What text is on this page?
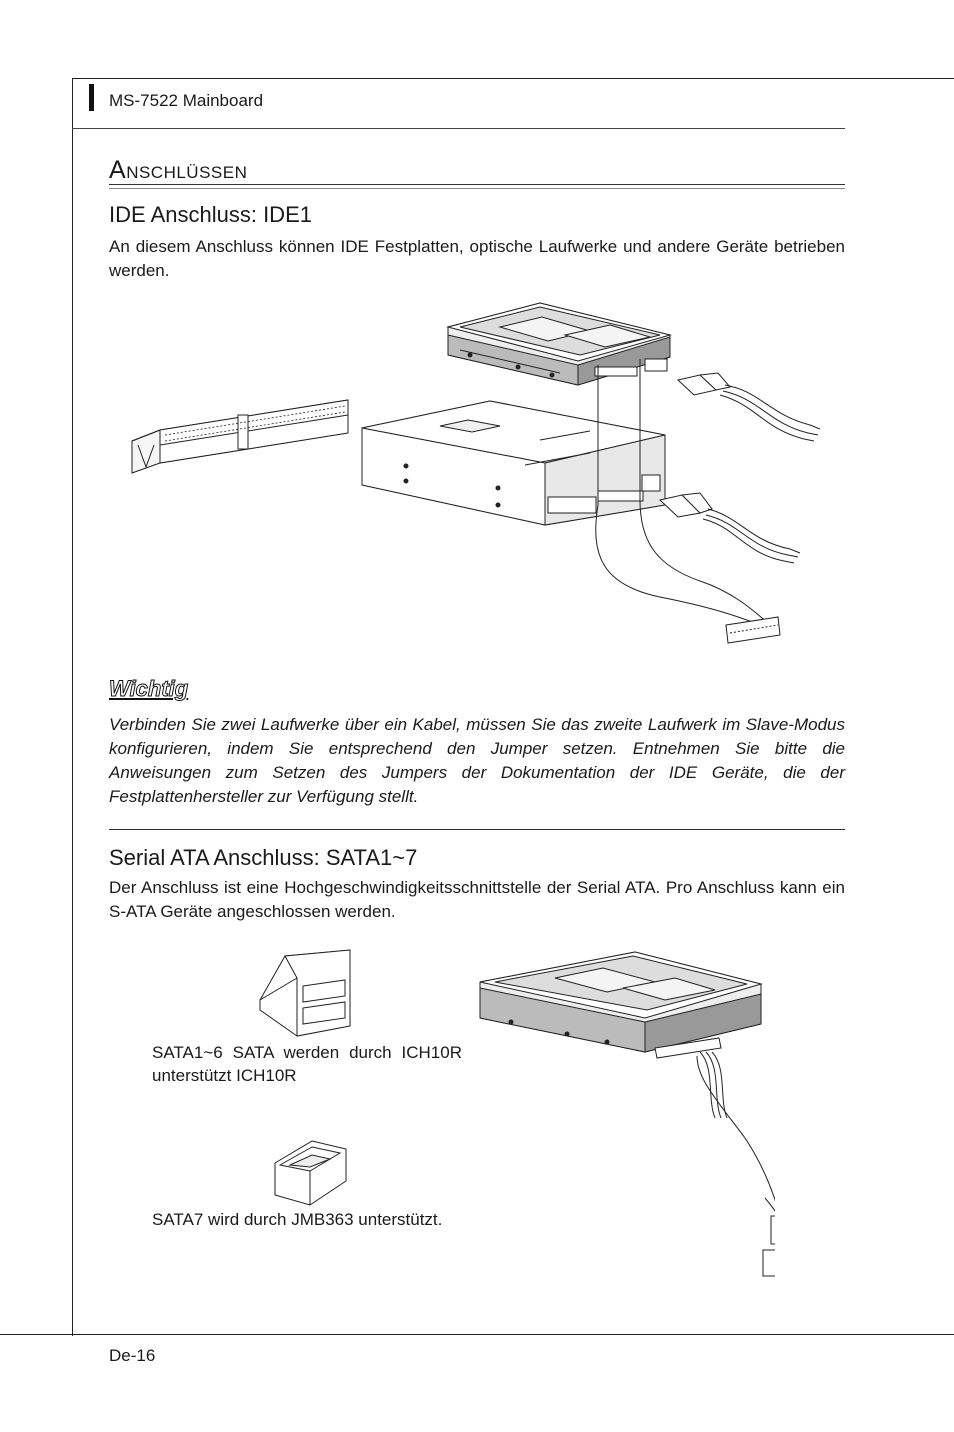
MS-7522 Mainboard
ANSCHLÜSSEN
IDE Anschluss: IDE1
An diesem Anschluss können IDE Festplatten, optische Laufwerke und andere Geräte betrieben werden.
Wichtig
Verbinden Sie zwei Laufwerke über ein Kabel, müssen Sie das zweite Laufwerk im Slave-Modus konfigurieren, indem Sie entsprechend den Jumper setzen. Entnehmen Sie bitte die Anweisungen zum Setzen des Jumpers der Dokumentation der IDE Geräte, die der Festplattenhersteller zur Verfügung stellt.
Serial ATA Anschluss: SATA1~7
Der Anschluss ist eine Hochgeschwindigkeitsschnittstelle der Serial ATA. Pro Anschluss kann ein S-ATA Geräte angeschlossen werden.
SATA1~6 SATA werden durch ICH10R unterstützt ICH10R
SATA7 wird durch JMB363 unterstützt.
De-16
